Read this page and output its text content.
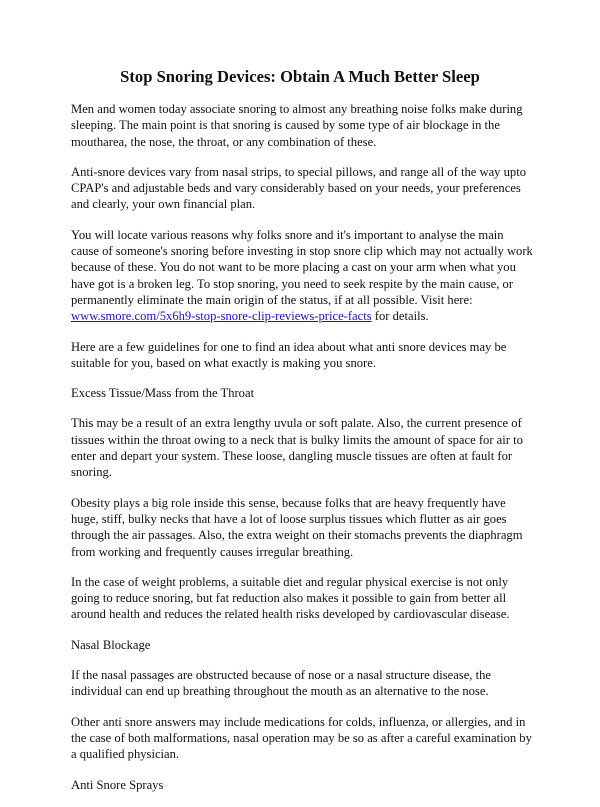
Stop Snoring Devices: Obtain A Much Better Sleep

Men and women today associate snoring to almost any breathing noise folks make during sleeping. The main point is that snoring is caused by some type of air blockage in the moutharea, the nose, the throat, or any combination of these.

Anti-snore devices vary from nasal strips, to special pillows, and range all of the way upto CPAP's and adjustable beds and vary considerably based on your needs, your preferences and clearly, your own financial plan.

You will locate various reasons why folks snore and it's important to analyse the main cause of someone's snoring before investing in stop snore clip which may not actually work because of these. You do not want to be more placing a cast on your arm when what you have got is a broken leg. To stop snoring, you need to seek respite by the main cause, or permanently eliminate the main origin of the status, if at all possible. Visit here: www.smore.com/5x6h9-stop-snore-clip-reviews-price-facts for details.

Here are a few guidelines for one to find an idea about what anti snore devices may be suitable for you, based on what exactly is making you snore.

Excess Tissue/Mass from the Throat

This may be a result of an extra lengthy uvula or soft palate. Also, the current presence of tissues within the throat owing to a neck that is bulky limits the amount of space for air to enter and depart your system. These loose, dangling muscle tissues are often at fault for snoring.

Obesity plays a big role inside this sense, because folks that are heavy frequently have huge, stiff, bulky necks that have a lot of loose surplus tissues which flutter as air goes through the air passages. Also, the extra weight on their stomachs prevents the diaphragm from working and frequently causes irregular breathing.

In the case of weight problems, a suitable diet and regular physical exercise is not only going to reduce snoring, but fat reduction also makes it possible to gain from better all around health and reduces the related health risks developed by cardiovascular disease.

Nasal Blockage

If the nasal passages are obstructed because of nose or a nasal structure disease, the individual can end up breathing throughout the mouth as an alternative to the nose.

Other anti snore answers may include medications for colds, influenza, or allergies, and in the case of both malformations, nasal operation may be so as after a careful examination by a qualified physician.

Anti Snore Sprays
